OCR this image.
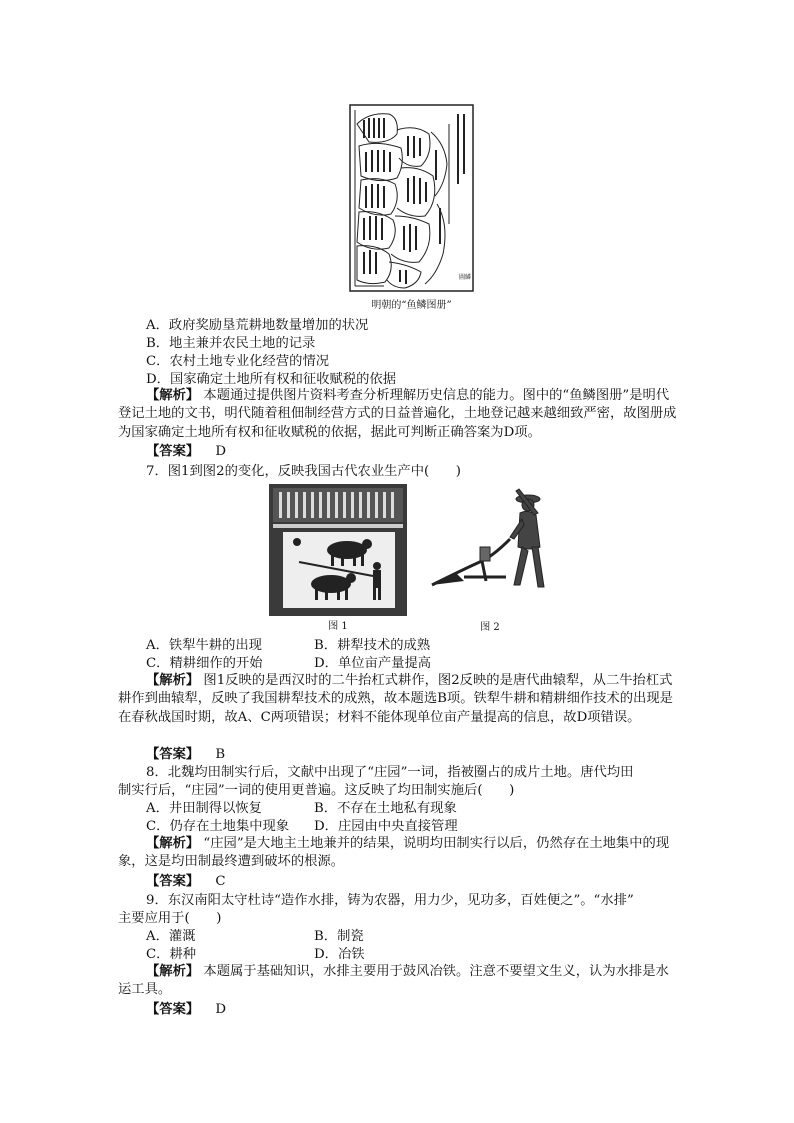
圖鱗
明朝的“鱼鳞图册”
A．政府奖励垦荒耕地数量增加的状况
B．地主兼并农民土地的记录
C．农村土地专业化经营的情况
D．国家确定土地所有权和征收赋税的依据
【解析】 本题通过提供图片资料考查分析理解历史信息的能力。图中的“鱼鳞图册”是明代登记土地的文书，明代随着租佃制经营方式的日益普遍化，土地登记越来越细致严密，故图册成为国家确定土地所有权和征收赋税的依据，据此可判断正确答案为D项。
【答案】 D
7．图1到图2的变化，反映我国古代农业生产中(　　)
图 1	图 2
A．铁犁牛耕的出现	B．耕犁技术的成熟
C．精耕细作的开始	D．单位亩产量提高
【解析】 图1反映的是西汉时的二牛抬杠式耕作，图2反映的是唐代曲辕犁，从二牛抬杠式耕作到曲辕犁，反映了我国耕犁技术的成熟，故本题选B项。铁犁牛耕和精耕细作技术的出现是在春秋战国时期，故A、C两项错误；材料不能体现单位亩产量提高的信息，故D项错误。
【答案】 B
8．北魏均田制实行后，文献中出现了“庄园”一词，指被圈占的成片土地。唐代均田
制实行后，“庄园”一词的使用更普遍。这反映了均田制实施后(　　)
A．井田制得以恢复	B．不存在土地私有现象
C．仍存在土地集中现象 D．庄园由中央直接管理
【解析】 “庄园”是大地主土地兼并的结果，说明均田制实行以后，仍然存在土地集中的现象，这是均田制最终遭到破坏的根源。
【答案】 C
9．东汉南阳太守杜诗“造作水排，铸为农器，用力少，见功多，百姓便之”。“水排”
主要应用于(　　)
A．灌溉	B．制瓷
C．耕种	D．冶铁
【解析】 本题属于基础知识，水排主要用于鼓风冶铁。注意不要望文生义，认为水排是水运工具。
【答案】 D
